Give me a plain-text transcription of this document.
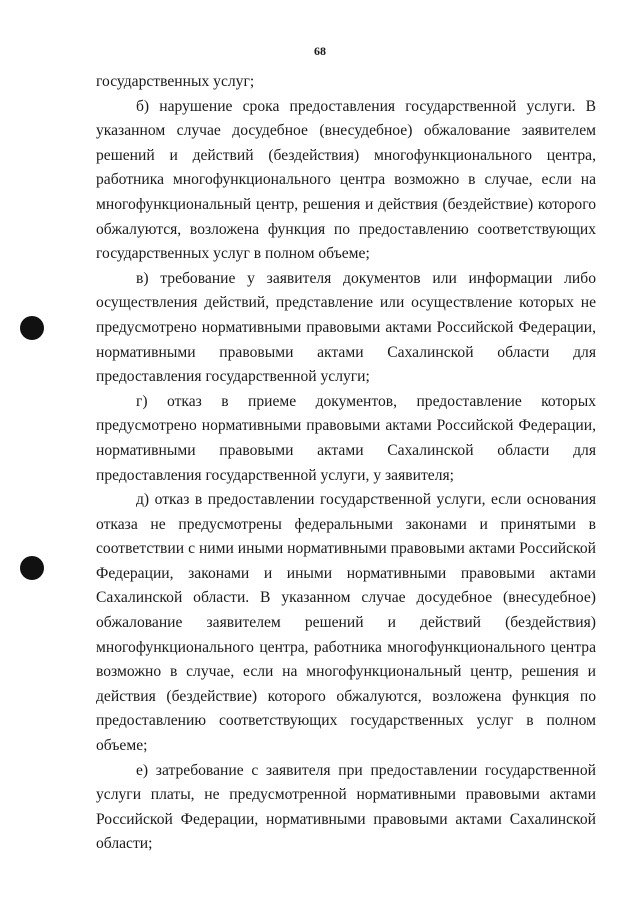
68

государственных услуг;

б) нарушение срока предоставления государственной услуги. В указанном случае досудебное (внесудебное) обжалование заявителем решений и действий (бездействия) многофункционального центра, работника многофункционального центра возможно в случае, если на многофункциональный центр, решения и действия (бездействие) которого обжалуются, возложена функция по предоставлению соответствующих государственных услуг в полном объеме;

в) требование у заявителя документов или информации либо осуществления действий, представление или осуществление которых не предусмотрено нормативными правовыми актами Российской Федерации, нормативными правовыми актами Сахалинской области для предоставления государственной услуги;

г) отказ в приеме документов, предоставление которых предусмотрено нормативными правовыми актами Российской Федерации, нормативными правовыми актами Сахалинской области для предоставления государственной услуги, у заявителя;

д) отказ в предоставлении государственной услуги, если основания отказа не предусмотрены федеральными законами и принятыми в соответствии с ними иными нормативными правовыми актами Российской Федерации, законами и иными нормативными правовыми актами Сахалинской области. В указанном случае досудебное (внесудебное) обжалование заявителем решений и действий (бездействия) многофункционального центра, работника многофункционального центра возможно в случае, если на многофункциональный центр, решения и действия (бездействие) которого обжалуются, возложена функция по предоставлению соответствующих государственных услуг в полном объеме;

е) затребование с заявителя при предоставлении государственной услуги платы, не предусмотренной нормативными правовыми актами Российской Федерации, нормативными правовыми актами Сахалинской области;
